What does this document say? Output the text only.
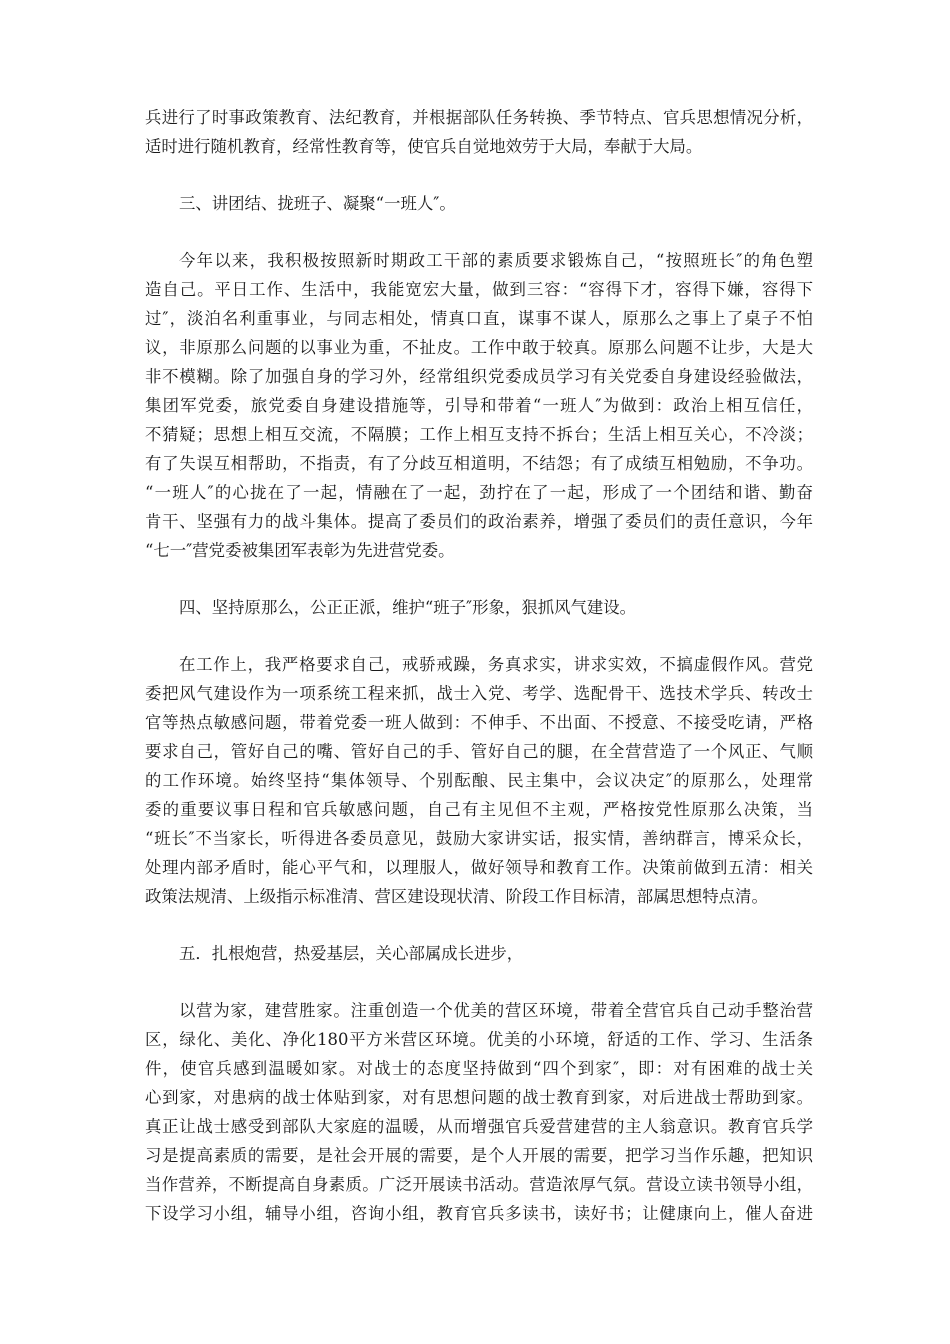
兵进行了时事政策教育、法纪教育，并根据部队任务转换、季节特点、官兵思想情况分析，
适时进行随机教育，经常性教育等，使官兵自觉地效劳于大局，奉献于大局。
三、讲团结、拢班子、凝聚“一班人″。
今年以来，我积极按照新时期政工干部的素质要求锻炼自己，“按照班长″的角色塑
造自己。平日工作、生活中，我能宽宏大量，做到三容：“容得下才，容得下嫌，容得下
过″，淡泊名利重事业，与同志相处，情真口直，谋事不谋人，原那么之事上了桌子不怕
议，非原那么问题的以事业为重，不扯皮。工作中敢于较真。原那么问题不让步，大是大
非不模糊。除了加强自身的学习外，经常组织党委成员学习有关党委自身建设经验做法，
集团军党委，旅党委自身建设措施等，引导和带着“一班人″为做到：政治上相互信任，
不猜疑；思想上相互交流，不隔膜；工作上相互支持不拆台；生活上相互关心，不冷淡；
有了失误互相帮助，不指责，有了分歧互相道明，不结怨；有了成绩互相勉励，不争功。
“一班人″的心拢在了一起，情融在了一起，劲拧在了一起，形成了一个团结和谐、勤奋
肯干、坚强有力的战斗集体。提高了委员们的政治素养，增强了委员们的责任意识，今年
“七一″营党委被集团军表彰为先进营党委。
四、坚持原那么，公正正派，维护“班子″形象，狠抓风气建设。
在工作上，我严格要求自己，戒骄戒躁，务真求实，讲求实效，不搞虚假作风。营党
委把风气建设作为一项系统工程来抓，战士入党、考学、选配骨干、选技术学兵、转改士
官等热点敏感问题，带着党委一班人做到：不伸手、不出面、不授意、不接受吃请，严格
要求自己，管好自己的嘴、管好自己的手、管好自己的腿，在全营营造了一个风正、气顺
的工作环境。始终坚持“集体领导、个别酝酿、民主集中，会议决定″的原那么，处理常
委的重要议事日程和官兵敏感问题，自己有主见但不主观，严格按党性原那么决策，当
“班长″不当家长，听得进各委员意见，鼓励大家讲实话，报实情，善纳群言，博采众长，
处理内部矛盾时，能心平气和，以理服人，做好领导和教育工作。决策前做到五清：相关
政策法规清、上级指示标准清、营区建设现状清、阶段工作目标清，部属思想特点清。
五．扎根炮营，热爱基层，关心部属成长进步，
以营为家，建营胜家。注重创造一个优美的营区环境，带着全营官兵自己动手整治营
区，绿化、美化、净化180平方米营区环境。优美的小环境，舒适的工作、学习、生活条
件，使官兵感到温暖如家。对战士的态度坚持做到“四个到家″，即：对有困难的战士关
心到家，对患病的战士体贴到家，对有思想问题的战士教育到家，对后进战士帮助到家。
真正让战士感受到部队大家庭的温暖，从而增强官兵爱营建营的主人翁意识。教育官兵学
习是提高素质的需要，是社会开展的需要，是个人开展的需要，把学习当作乐趣，把知识
当作营养，不断提高自身素质。广泛开展读书活动。营造浓厚气氛。营设立读书领导小组，
下设学习小组，辅导小组，咨询小组，教育官兵多读书，读好书；让健康向上，催人奋进
